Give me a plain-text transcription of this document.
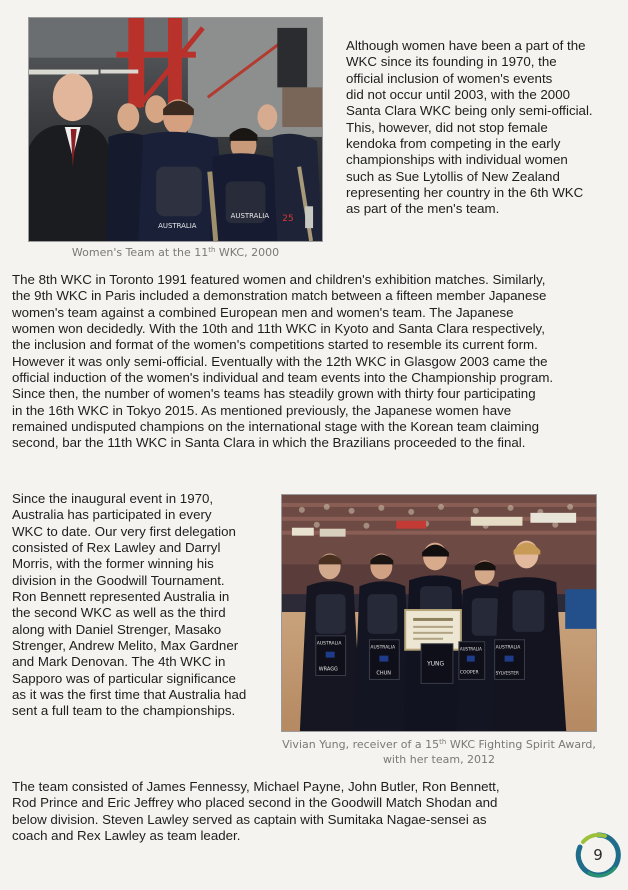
AUSTRALIA
AUSTRALIA 25
Women's Team at the 11th WKC, 2000
Although women have been a part of the
WKC since its founding in 1970, the
official inclusion of women's events
did not occur until 2003, with the 2000
Santa Clara WKC being only semi-official.
This, however, did not stop female
kendoka from competing in the early
championships with individual women
such as Sue Lytollis of New Zealand
representing her country in the 6th WKC
as part of the men's team.
The 8th WKC in Toronto 1991 featured women and children's exhibition matches. Similarly,
the 9th WKC in Paris included a demonstration match between a fifteen member Japanese
women's team against a combined European men and women's team. The Japanese
women won decidedly. With the 10th and 11th WKC in Kyoto and Santa Clara respectively,
the inclusion and format of the women's competitions started to resemble its current form.
However it was only semi-official. Eventually with the 12th WKC in Glasgow 2003 came the
official induction of the women's individual and team events into the Championship program.
Since then, the number of women's teams has steadily grown with thirty four participating
in the 16th WKC in Tokyo 2015. As mentioned previously, the Japanese women have
remained undisputed champions on the international stage with the Korean team claiming
second, bar the 11th WKC in Santa Clara in which the Brazilians proceeded to the final.
Since the inaugural event in 1970,
Australia has participated in every
WKC to date. Our very first delegation
consisted of Rex Lawley and Darryl
Morris, with the former winning his
division in the Goodwill Tournament.
Ron Bennett represented Australia in
the second WKC as well as the third
along with Daniel Strenger, Masako
Strenger, Andrew Melito, Max Gardner
and Mark Denovan. The 4th WKC in
Sapporo was of particular significance
as it was the first time that Australia had
sent a full team to the championships.
AUSTRALIA
WRAGG
AUSTRALIA
CHUN
YUNG
AUSTRALIA
COOPER
AUSTRALIA
SYLVESTER
Vivian Yung, receiver of a 15th WKC Fighting Spirit Award,
with her team, 2012
The team consisted of James Fennessy, Michael Payne, John Butler, Ron Bennett,
Rod Prince and Eric Jeffrey who placed second in the Goodwill Match Shodan and
below division. Steven Lawley served as captain with Sumitaka Nagae-sensei as
coach and Rex Lawley as team leader.
9
